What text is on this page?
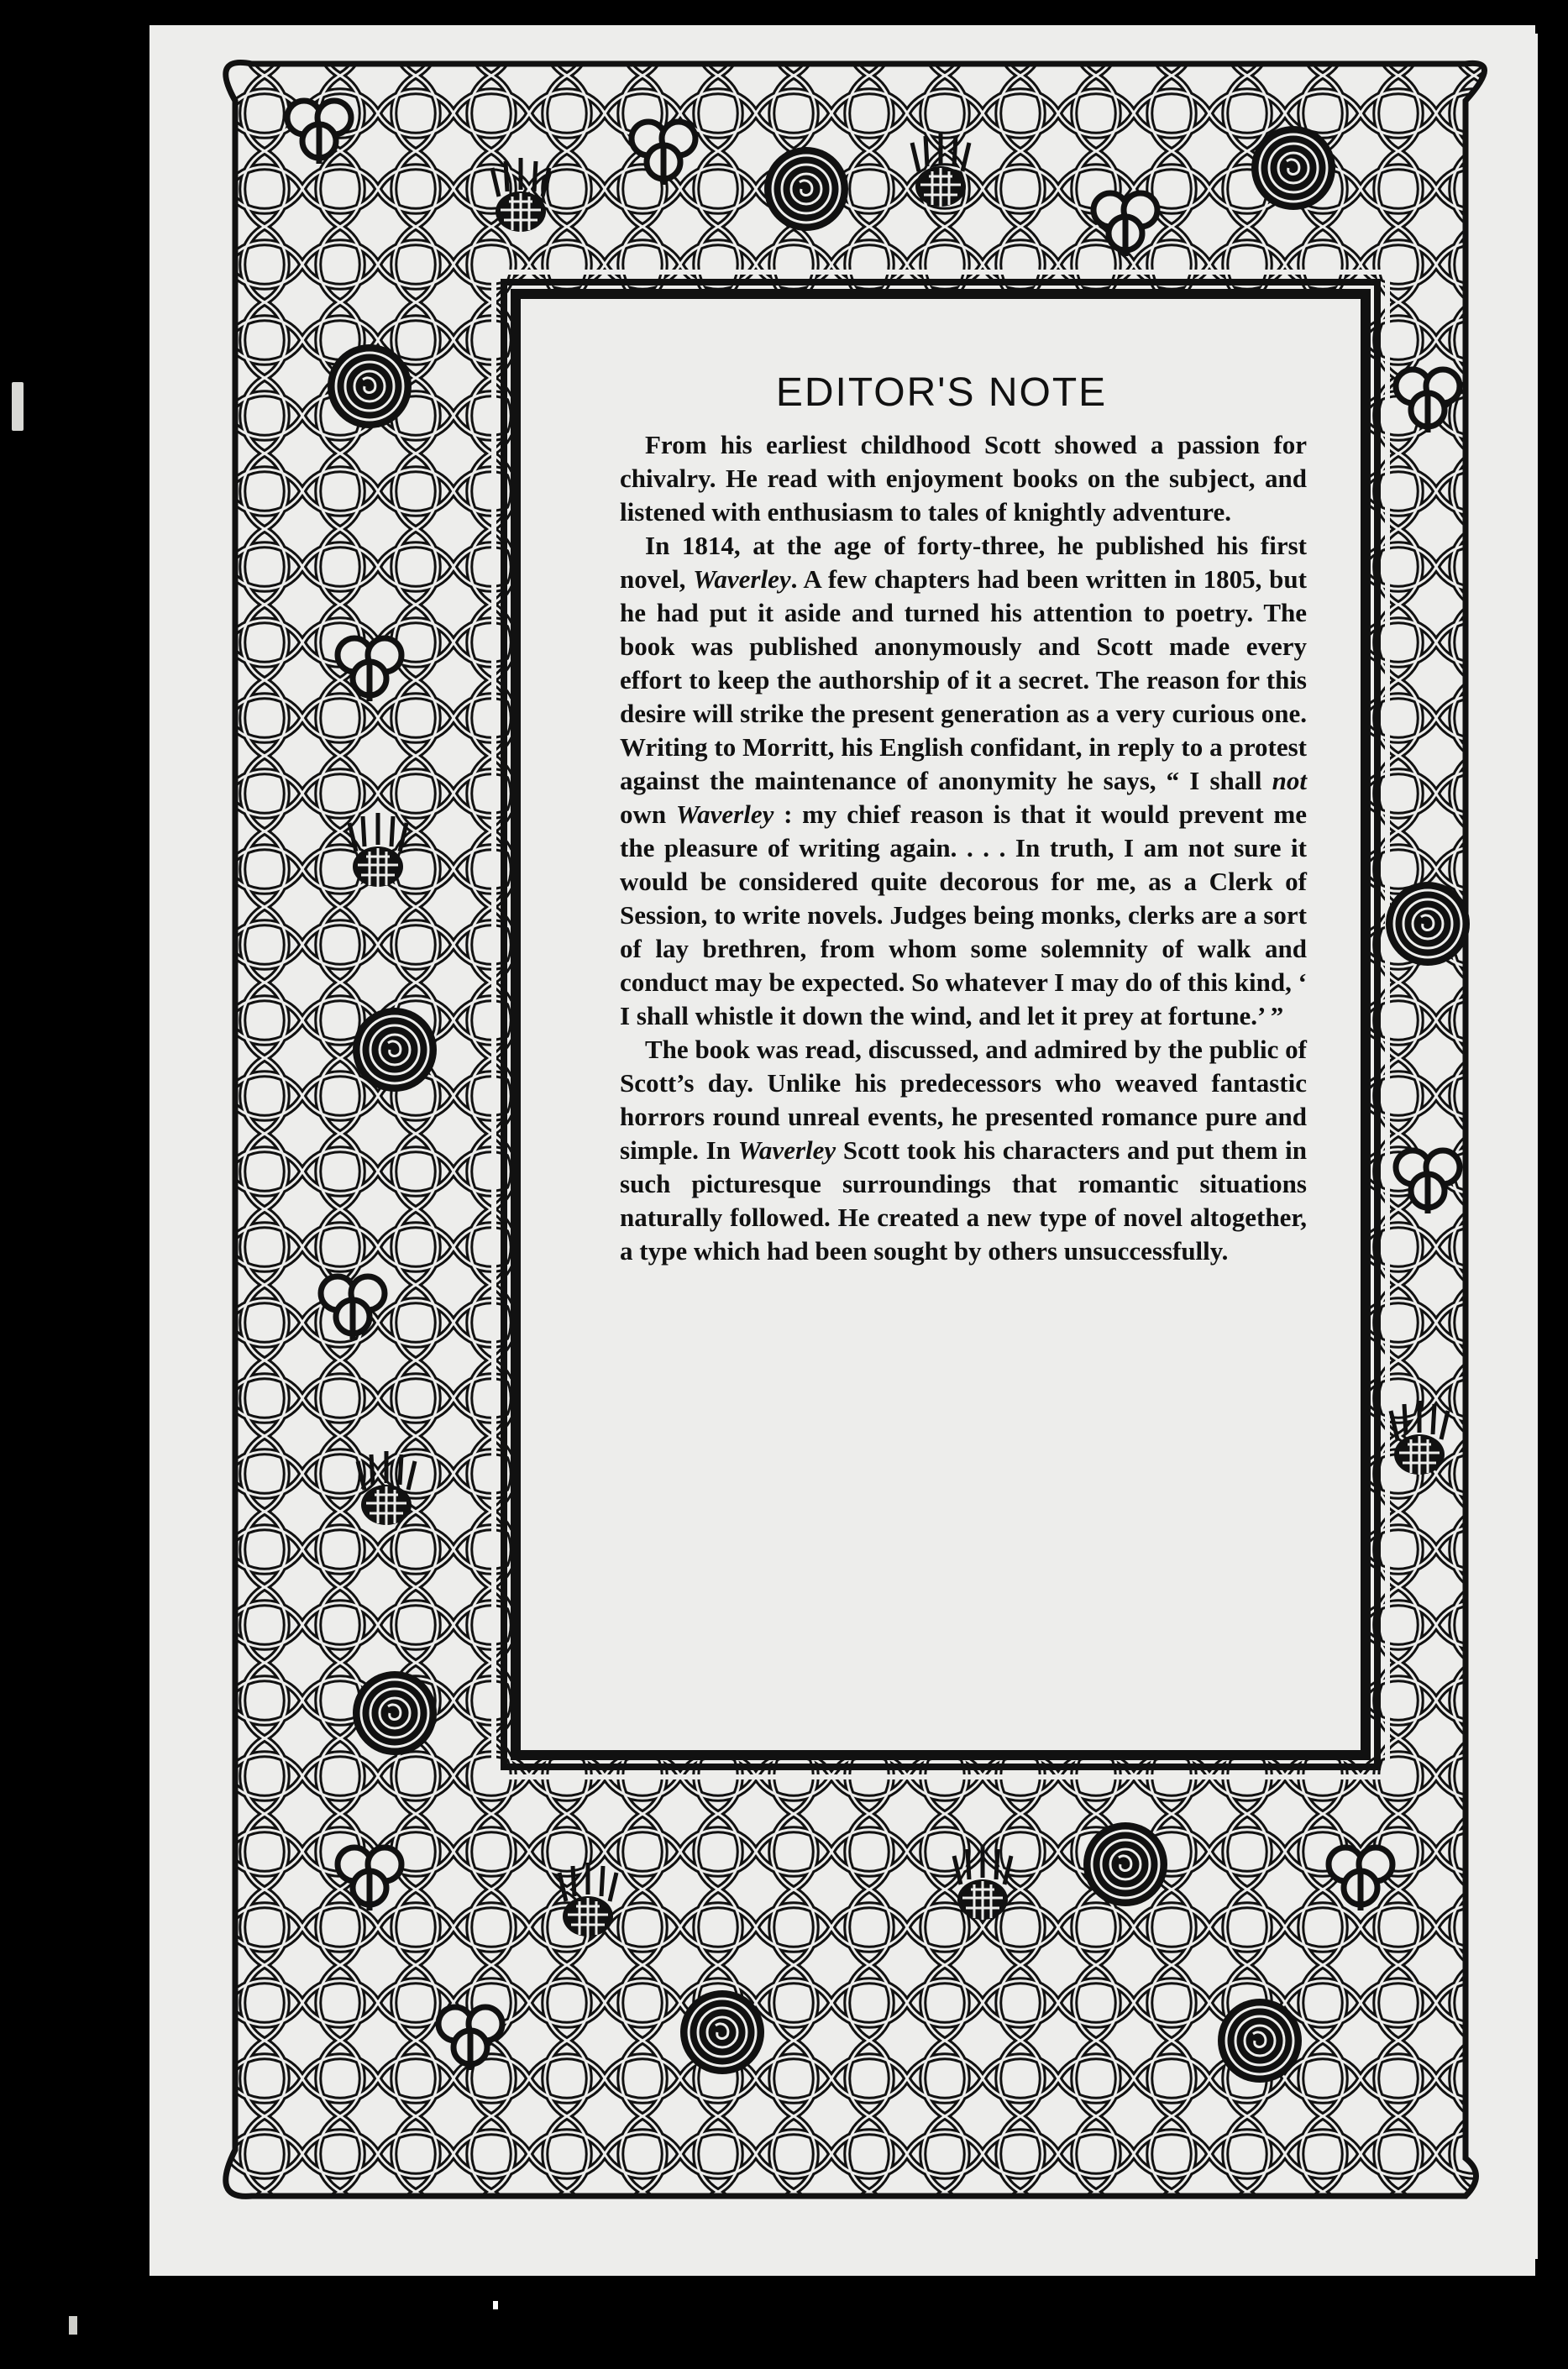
EDITOR'S NOTE

From his earliest childhood Scott showed a passion for chivalry. He read with enjoyment books on the subject, and listened with enthusiasm to tales of knightly adventure.

In 1814, at the age of forty-three, he published his first novel, Waverley. A few chapters had been written in 1805, but he had put it aside and turned his attention to poetry. The book was published anonymously and Scott made every effort to keep the authorship of it a secret. The reason for this desire will strike the present generation as a very curious one. Writing to Morritt, his English confidant, in reply to a protest against the maintenance of anonymity he says, “ I shall not own Waverley : my chief reason is that it would prevent me the pleasure of writing again. . . . In truth, I am not sure it would be considered quite decorous for me, as a Clerk of Session, to write novels. Judges being monks, clerks are a sort of lay brethren, from whom some solemnity of walk and conduct may be expected. So whatever I may do of this kind, ‘ I shall whistle it down the wind, and let it prey at fortune.’ ”

The book was read, discussed, and admired by the public of Scott’s day. Unlike his predecessors who weaved fantastic horrors round unreal events, he presented romance pure and simple. In Waverley Scott took his characters and put them in such picturesque surroundings that romantic situations naturally followed. He created a new type of novel altogether, a type which had been sought by others unsuccessfully.
